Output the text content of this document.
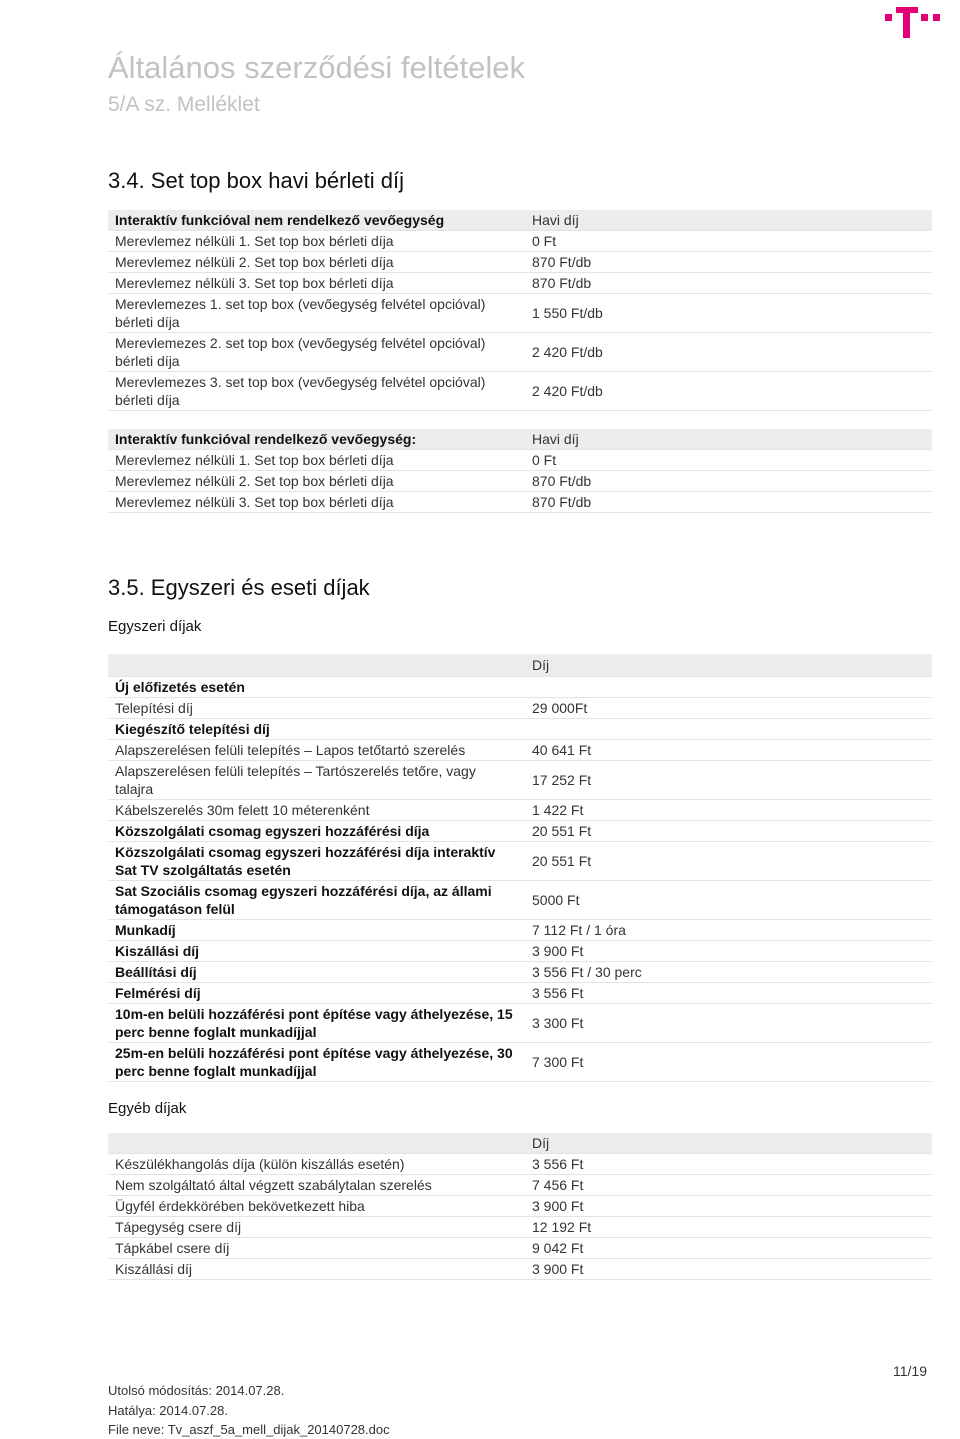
Általános szerződési feltételek
5/A sz. Melléklet
3.4. Set top box havi bérleti díj
Interaktív funkcióval nem rendelkező vevőegység	Havi díj
Merevlemez nélküli 1. Set top box bérleti díja	0 Ft
Merevlemez nélküli 2. Set top box bérleti díja	870 Ft/db
Merevlemez nélküli 3. Set top box bérleti díja	870 Ft/db
Merevlemezes 1. set top box (vevőegység felvétel opcióval) bérleti díja	1 550 Ft/db
Merevlemezes 2. set top box (vevőegység felvétel opcióval) bérleti díja	2 420 Ft/db
Merevlemezes 3. set top box (vevőegység felvétel opcióval) bérleti díja	2 420 Ft/db
Interaktív funkcióval rendelkező vevőegység:	Havi díj
Merevlemez nélküli 1. Set top box bérleti díja	0 Ft
Merevlemez nélküli 2. Set top box bérleti díja	870 Ft/db
Merevlemez nélküli 3. Set top box bérleti díja	870 Ft/db
3.5. Egyszeri és eseti díjak
Egyszeri díjak
	Díj
Új előfizetés esetén	
Telepítési díj	29 000Ft
Kiegészítő telepítési díj	
Alapszerelésen felüli telepítés – Lapos tetőtartó szerelés	40 641 Ft
Alapszerelésen felüli telepítés – Tartószerelés tetőre, vagy talajra	17 252 Ft
Kábelszerelés 30m felett 10 méterenként	1 422 Ft
Közszolgálati csomag egyszeri hozzáférési díja	20 551 Ft
Közszolgálati csomag egyszeri hozzáférési díja interaktív Sat TV szolgáltatás esetén	20 551 Ft
Sat Szociális csomag egyszeri hozzáférési díja, az állami támogatáson felül	5000 Ft
Munkadíj	7 112 Ft / 1 óra
Kiszállási díj	3 900 Ft
Beállítási díj	3 556 Ft / 30 perc
Felmérési díj	3 556 Ft
10m-en belüli hozzáférési pont építése vagy áthelyezése, 15 perc benne foglalt munkadíjjal	3 300 Ft
25m-en belüli hozzáférési pont építése vagy áthelyezése, 30 perc benne foglalt munkadíjjal	7 300 Ft
Egyéb díjak
	Díj
Készülékhangolás díja (külön kiszállás esetén)	3 556 Ft
Nem szolgáltató által végzett szabálytalan szerelés	7 456 Ft
Ügyfél érdekkörében bekövetkezett hiba	3 900 Ft
Tápegység csere díj	12 192 Ft
Tápkábel csere díj	9 042 Ft
Kiszállási díj	3 900 Ft
11/19
Utolsó módosítás: 2014.07.28.
Hatálya: 2014.07.28.
File neve: Tv_aszf_5a_mell_dijak_20140728.doc
